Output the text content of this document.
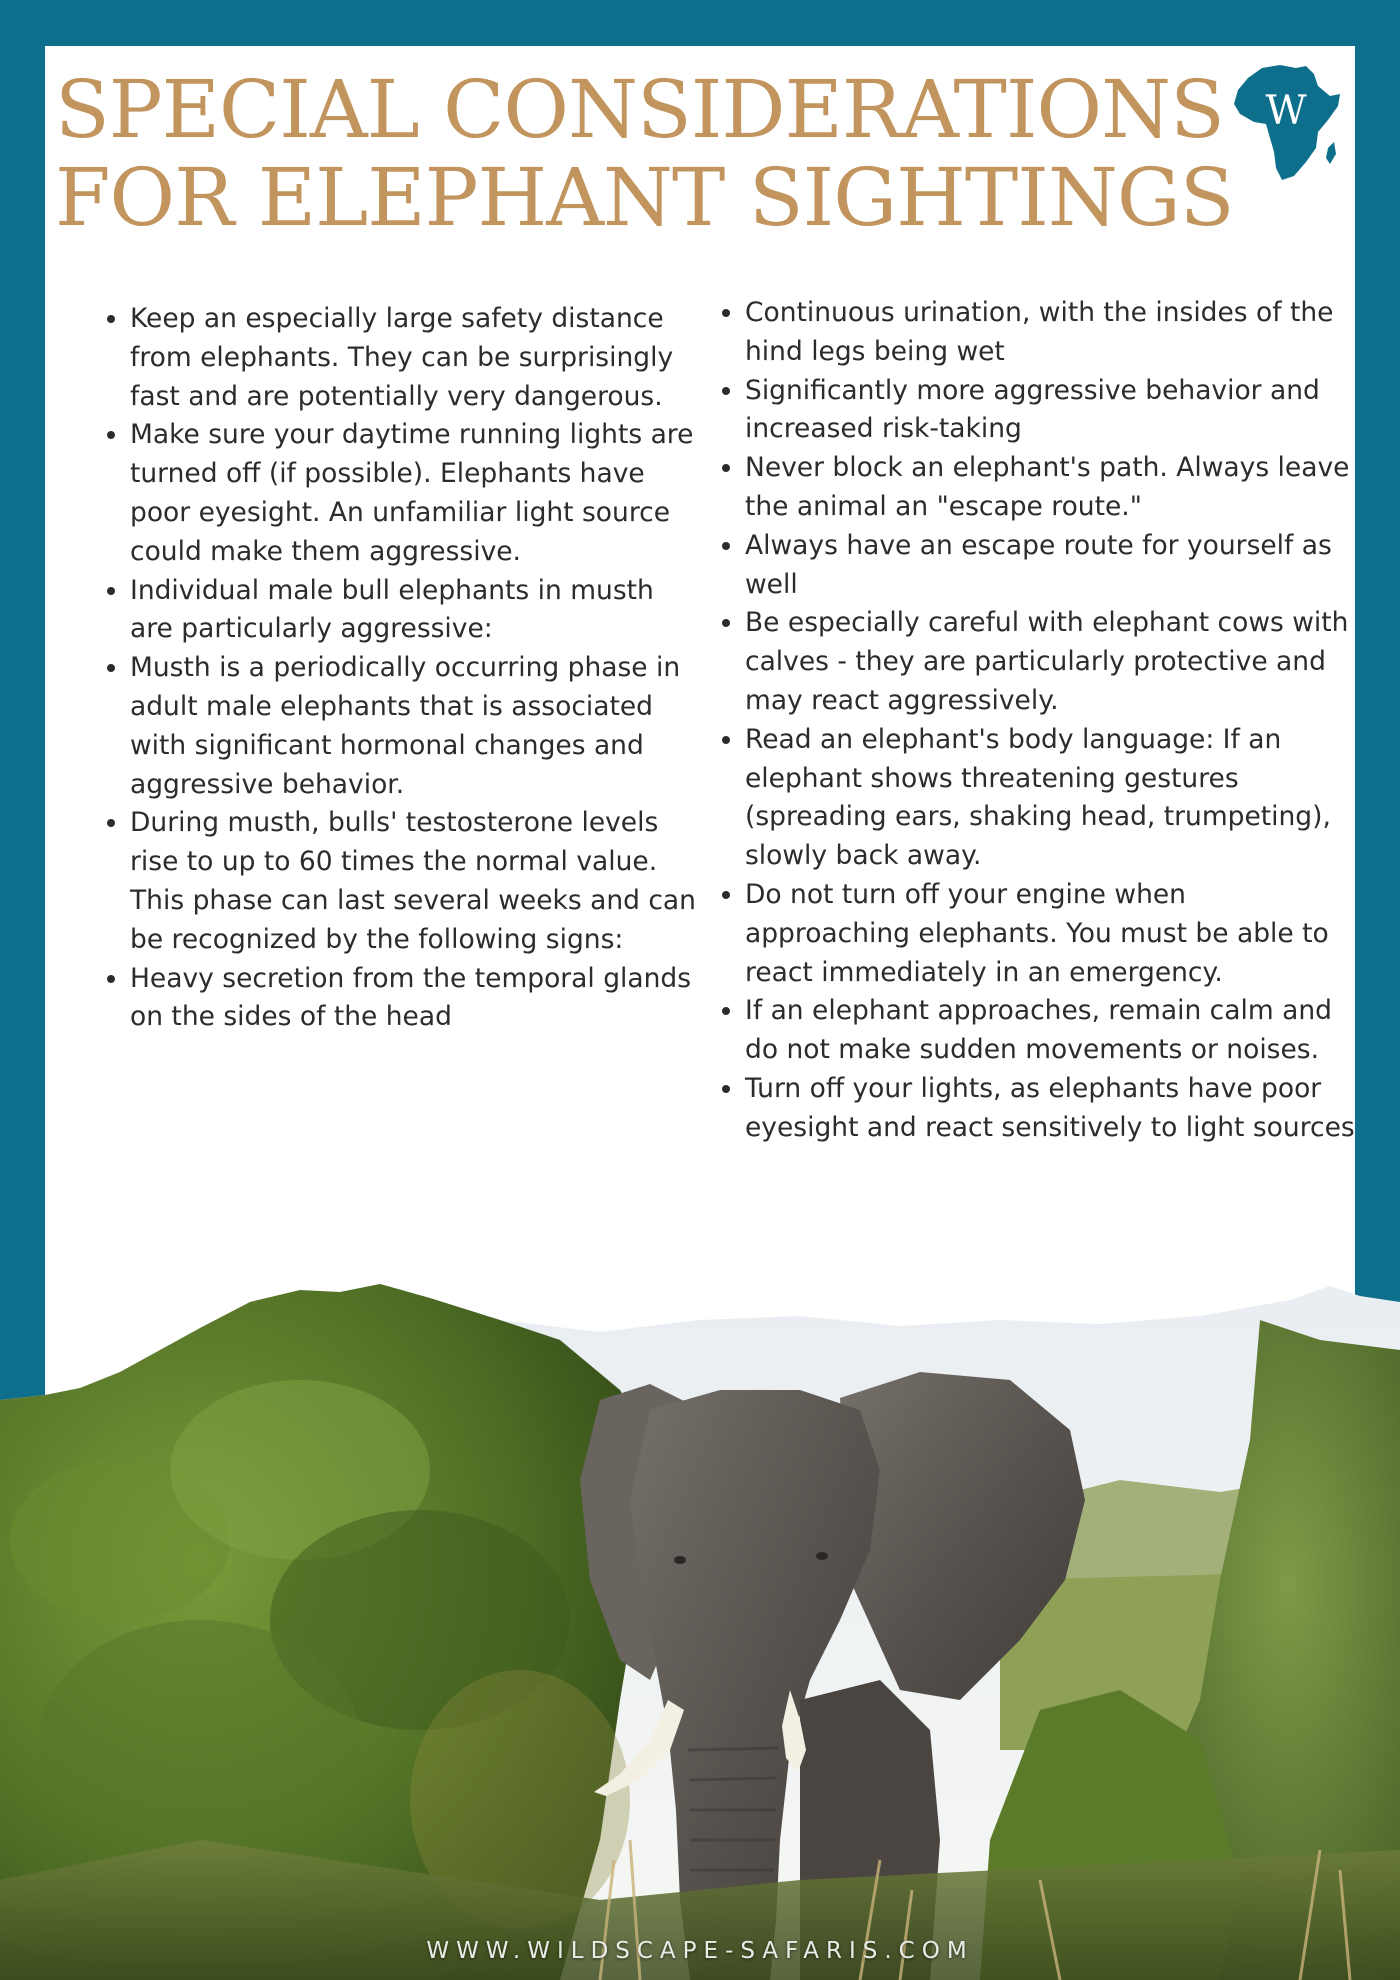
SPECIAL CONSIDERATIONS
FOR ELEPHANT SIGHTINGS
W
• Keep an especially large safety distance from elephants. They can be surprisingly fast and are potentially very dangerous.
• Make sure your daytime running lights are turned off (if possible). Elephants have poor eyesight. An unfamiliar light source could make them aggressive.
• Individual male bull elephants in musth are particularly aggressive:
• Musth is a periodically occurring phase in adult male elephants that is associated with significant hormonal changes and aggressive behavior.
• During musth, bulls' testosterone levels rise to up to 60 times the normal value. This phase can last several weeks and can be recognized by the following signs:
• Heavy secretion from the temporal glands on the sides of the head
• Continuous urination, with the insides of the hind legs being wet
• Significantly more aggressive behavior and increased risk-taking
• Never block an elephant's path. Always leave the animal an "escape route."
• Always have an escape route for yourself as well
• Be especially careful with elephant cows with calves - they are particularly protective and may react aggressively.
• Read an elephant's body language: If an elephant shows threatening gestures (spreading ears, shaking head, trumpeting), slowly back away.
• Do not turn off your engine when approaching elephants. You must be able to react immediately in an emergency.
• If an elephant approaches, remain calm and do not make sudden movements or noises.
• Turn off your lights, as elephants have poor eyesight and react sensitively to light sources
WWW.WILDSCAPE-SAFARIS.COM
